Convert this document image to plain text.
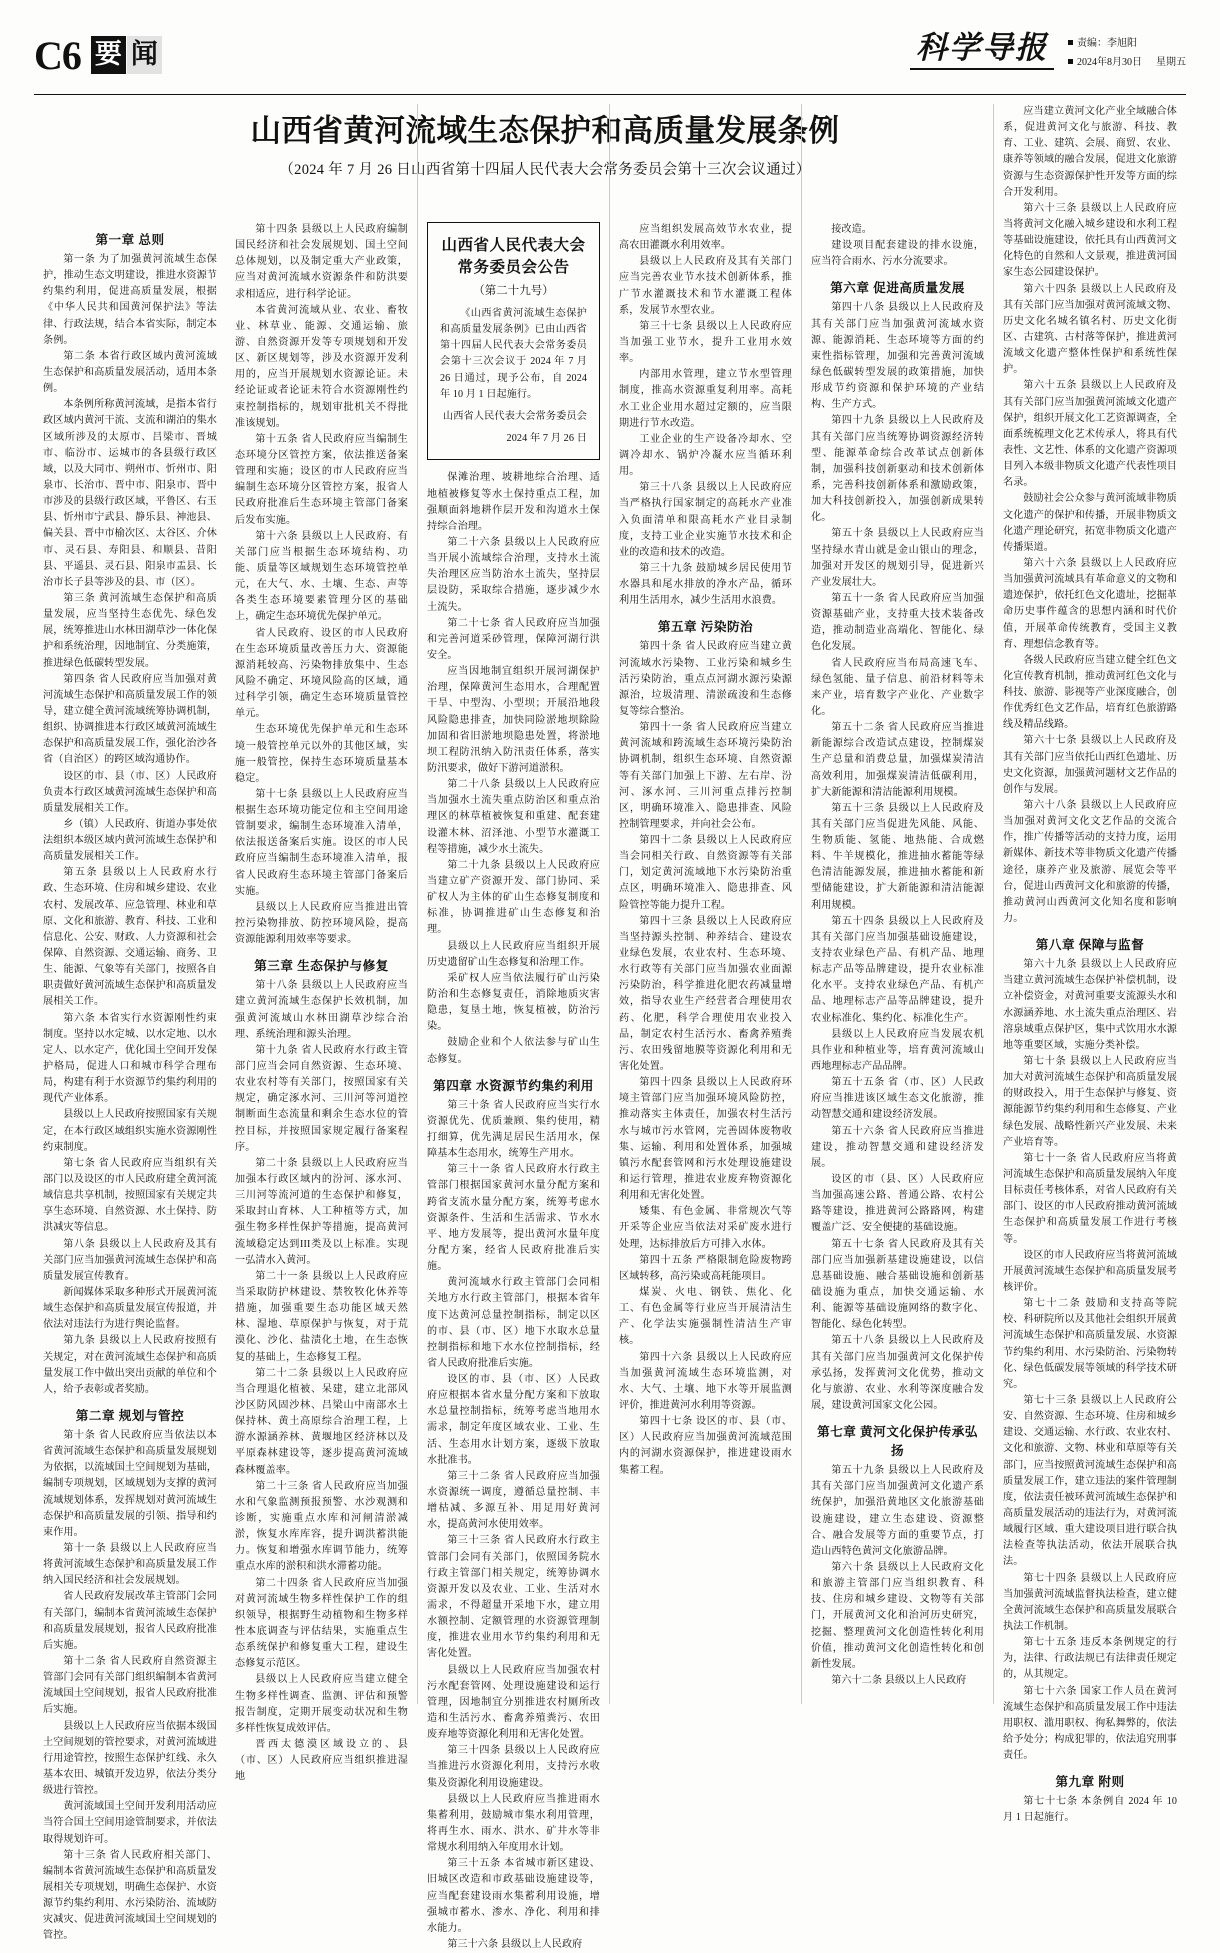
C6 要 闻	科学导报	责编：李旭阳
2024年8月30日 星期五
山西省黄河流域生态保护和高质量发展条例
（2024 年 7 月 26 日山西省第十四届人民代表大会常务委员会第十三次会议通过）
第一章 总则

第一条 为了加强黄河流域生态保护，推动生态文明建设，推进水资源节约集约利用，促进高质量发展，根据《中华人民共和国黄河保护法》等法律、行政法规，结合本省实际，制定本条例。

第二条 本省行政区域内黄河流域生态保护和高质量发展活动，适用本条例。

本条例所称黄河流域，是指本省行政区域内黄河干流、支流和湖泊的集水区域所涉及的太原市、吕梁市、晋城市、临汾市、运城市的各县级行政区域，以及大同市、朔州市、忻州市、阳泉市、长治市、晋中市、阳泉市、晋中市涉及的县级行政区域，平鲁区、右玉县、忻州市宁武县、静乐县、神池县、偏关县、晋中市榆次区、太谷区、介休市、灵石县、寿阳县、和顺县、昔阳县、平遥县、灵石县、阳泉市盂县、长治市长子县等涉及的县、市（区）。

第三条 黄河流域生态保护和高质量发展，应当坚持生态优先、绿色发展，统筹推进山水林田湖草沙一体化保护和系统治理，因地制宜、分类施策，推进绿色低碳转型发展。

第四条 省人民政府应当加强对黄河流域生态保护和高质量发展工作的领导，建立健全黄河流域统筹协调机制，组织、协调推进本行政区域黄河流域生态保护和高质量发展工作，强化治沙各省（自治区）的跨区域沟通协作。

设区的市、县（市、区）人民政府负责本行政区域黄河流域生态保护和高质量发展相关工作。

乡（镇）人民政府、街道办事处依法组织本级区域内黄河流域生态保护和高质量发展相关工作。

第五条 县级以上人民政府水行政、生态环境、住房和城乡建设、农业农村、发展改革、应急管理、林业和草原、文化和旅游、教育、科技、工业和信息化、公安、财政、人力资源和社会保障、自然资源、交通运输、商务、卫生、能源、气象等有关部门，按照各自职责做好黄河流域生态保护和高质量发展相关工作。

第六条 本省实行水资源刚性约束制度。坚持以水定城、以水定地、以水定人、以水定产，优化国土空间开发保护格局，促进人口和城市科学合理布局，构建有利于水资源节约集约利用的现代产业体系。

县级以上人民政府按照国家有关规定，在本行政区域组织实施水资源刚性约束制度。

第七条 省人民政府应当组织有关部门以及设区的市人民政府建全黄河流域信息共享机制，按照国家有关规定共享生态环境、自然资源、水土保持、防洪减灾等信息。

第八条 县级以上人民政府及其有关部门应当加强黄河流域生态保护和高质量发展宣传教育。

新闻媒体采取多种形式开展黄河流域生态保护和高质量发展宣传报道，并依法对违法行为进行舆论监督。

第九条 县级以上人民政府按照有关规定，对在黄河流域生态保护和高质量发展工作中做出突出贡献的单位和个人，给予表彰或者奖励。

第二章 规划与管控

第十条 省人民政府应当依法以本省黄河流域生态保护和高质量发展规划为依据，以流域国土空间规划为基础，编制专项规划，区域规划为支撑的黄河流域规划体系，发挥规划对黄河流域生态保护和高质量发展的引领、指导和约束作用。

第十一条 县级以上人民政府应当将黄河流域生态保护和高质量发展工作纳入国民经济和社会发展规划。

省人民政府发展改革主管部门会同有关部门，编制本省黄河流域生态保护和高质量发展规划，报省人民政府批准后实施。

第十二条 省人民政府自然资源主管部门会同有关部门组织编制本省黄河流域国土空间规划，报省人民政府批准后实施。

县级以上人民政府应当依据本级国土空间规划的管控要求，对黄河流域进行用途管控，按照生态保护红线、永久基本农田、城镇开发边界，依法分类分级进行管控。

黄河流域国土空间开发利用活动应当符合国土空间用途管制要求，并依法取得规划许可。

第十三条 省人民政府相关部门、编制本省黄河流域生态保护和高质量发展相关专项规划，明确生态保护、水资源节约集约利用、水污染防治、流域防灾减灾、促进黄河流域国土空间规划的管控。

第十四条 县级以上人民政府编制国民经济和社会发展规划、国土空间总体规划，以及制定重大产业政策，应当对黄河流域水资源条件和防洪要求相适应，进行科学论证。

本省黄河流域从业、农业、畜牧业、林草业、能源、交通运输、旅游、自然资源开发等专项规划和开发区、新区规划等，涉及水资源开发利用的，应当开展规划水资源论证。未经论证或者论证未符合水资源刚性约束控制指标的，规划审批机关不得批准该规划。

第十五条 省人民政府应当编制生态环境分区管控方案，依法推送备案管理和实施；设区的市人民政府应当编制生态环境分区管控方案，报省人民政府批准后生态环境主管部门备案后发布实施。

第十六条 县级以上人民政府、有关部门应当根据生态环境结构、功能、质量等区域规划生态环境管控单元，在大气、水、土壤、生态、声等各类生态环境要素管理分区的基础上，确定生态环境优先保护单元。

省人民政府、设区的市人民政府在生态环境质量改善压力大、资源能源消耗较高、污染物排放集中、生态风险不确定、环境风险高的区域，通过科学引领，确定生态环境质量管控单元。

生态环境优先保护单元和生态环境一般管控单元以外的其他区域，实施一般管控，保持生态环境质量基本稳定。

第十七条 县级以上人民政府应当根据生态环境功能定位和主空间用途管制要求，编制生态环境准入清单，依法报送备案后实施。设区的市人民政府应当编制生态环境准入清单，报省人民政府生态环境主管部门备案后实施。

县级以上人民政府应当推进出管控污染物排放、防控环境风险，提高资源能源利用效率等要求。

第三章 生态保护与修复

第十八条 县级以上人民政府应当建立黄河流域生态保护长效机制，加强黄河流域山水林田湖草沙综合治理、系统治理和源头治理。

第十九条 省人民政府水行政主管部门应当会同自然资源、生态环境、农业农村等有关部门，按照国家有关规定，确定涿水河、三川河等河道控制断面生态流量和剩余生态水位的管控目标，并按照国家规定履行备案程序。

第二十条 县级以上人民政府应当加强本行政区域内的汾河、涿水河、三川河等流河道的生态保护和修复，采取封山育林、人工种植等方式，加强生物多样性保护等措施，提高黄河流域稳定达到III类及以上标准。实现一弘清水入黄河。

第二十一条 县级以上人民政府应当采取防护林建设、禁牧牧化休养等措施，加强重要生态功能区域天然林、湿地、草原保护与恢复，对于荒漠化、沙化、盐渍化土地，在生态恢复的基础上，生态修复工程。

第二十二条 县级以上人民政府应当合理退化植被、呆建，建立北部风沙区防风固沙林、吕梁山中南部水土保持林、黄土高原综合治理工程，上游水源涵养林、黄堰地区经济林以及平原森林建设等，逐步提高黄河流域森林覆盖率。

第二十三条 省人民政府应当加强水和气象监测预报预警、水沙观测和诊断，实施重点水库和河闸清淤减淤，恢复水库库容，提升调洪蓄洪能力。恢复和增强水库调节能力，统筹重点水库的淤积和洪水滞蓄功能。

第二十四条 省人民政府应当加强对黄河流域生物多样性保护工作的组织领导，根据野生动植物和生物多样性本底调查与评估结果，实施重点生态系统保护和修复重大工程，建设生态修复示范区。

县级以上人民政府应当建立健全生物多样性调查、监测、评估和预警报告制度，定期开展变动状况和生物多样性恢复成效评估。

晋西太德漠区域设立的、县（市、区）人民政府应当组织推进湿地

山西省人民代表大会常务委员会公告
（第二十九号）

《山西省黄河流域生态保护和高质量发展条例》已由山西省第十四届人民代表大会常务委员会第十三次会议于 2024 年 7 月 26 日通过，现予公布，自 2024 年 10 月 1 日起施行。

山西省人民代表大会常务委员会

2024 年 7 月 26 日

保滩治理、坡耕地综合治理、适地植被修复等水土保持重点工程，加强顺面斜地耕作层开发和沟道水土保持综合治理。

第二十六条 县级以上人民政府应当开展小流域综合治理，支持水土流失治理区应当防治水土流失，坚持层层设防，采取综合措施，逐步减少水土流失。

第二十七条 省人民政府应当加强和完善河道采砂管理，保障河湖行洪安全。

应当因地制宜组织开展河湖保护治理，保障黄河生态用水，合理配置干旱、中型沟、小型坝；开展沿地段风险隐患排查，加快同险淤地坝除险加固和省旧淤地坝隐患处置，将淤地坝工程防汛纳入防汛责任体系，落实防汛要求，做好下游河道淤积。

第二十八条 县级以上人民政府应当加强水土流失重点防治区和重点治理区的林草植被恢复和重建、配套建设灌木林、沼泽池、小型节水灌溉工程等措施，减少水土流失。

第二十九条 县级以上人民政府应当建立矿产资源开发、部门协同、采矿权人为主体的矿山生态修复制度和标准，协调推进矿山生态修复和治理。

县级以上人民政府应当组织开展历史遗留矿山生态修复和治理工作。

采矿权人应当依法履行矿山污染防治和生态修复责任，消除地质灾害隐患，复垦土地，恢复植被，防治污染。

鼓励企业和个人依法参与矿山生态修复。

第四章 水资源节约集约利用

第三十条 省人民政府应当实行水资源优先、优质兼顾、集约使用，精打细算，优先满足居民生活用水，保障基本生态用水，统筹生产用水。

第三十一条 省人民政府水行政主管部门根据国家黄河水量分配方案和跨省支流水量分配方案，统筹考虑水资源条件、生活和生活需求、节水水平、地方发展等，提出黄河水量年度分配方案，经省人民政府批准后实施。

黄河流域水行政主管部门会同相关地方水行政主管部门，根据本省年度下达黄河总量控制指标，制定以区的市、县（市、区）地下水取水总量控制指标和地下水水位控制指标，经省人民政府批准后实施。

设区的市、县（市、区）人民政府应根据本省水量分配方案和下放取水总量控制指标，统筹考虑当地用水需求，制定年度区域农业、工业、生活、生态用水计划方案，逐级下放取水批准书。

第三十二条 省人民政府应当加强水资源统一调度，遵循总量控制、丰增枯减、多源互补、用足用好黄河水，提高黄河水使用效率。

第三十三条 省人民政府水行政主管部门会同有关部门，依照国务院水行政主管部门相关规定，统筹协调水资源开发以及农业、工业、生活对水需求，不得超量开采地下水，建立用水额控制、定额管理的水资源管理制度，推进农业用水节约集约利用和无害化处置。

县级以上人民政府应当加强农村污水配套管网、处理设施建设和运行管理，因地制宜分别推进农村厕所改造和生活污水、畜禽养殖粪污、农田废弃地等资源化利用和无害化处置。

第三十四条 县级以上人民政府应当推进污水资源化利用，支持污水收集及资源化利用设施建设。

县级以上人民政府应当推进雨水集蓄利用，鼓励城市集水利用管理，将再生水、雨水、洪水、矿井水等非常规水利用纳入年度用水计划。

第三十五条 本省城市新区建设、旧城区改造和市政基础设施建设等，应当配套建设雨水集蓄利用设施，增强城市蓄水、渗水、净化、利用和排水能力。

第三十六条 县级以上人民政府

应当组织发展高效节水农业，提高农田灌溉水利用效率。

县级以上人民政府及其有关部门应当完善农业节水技术创新体系，推广节水灌溉技术和节水灌溉工程体系，发展节水型农业。

第三十七条 县级以上人民政府应当加强工业节水，提升工业用水效率。

内部用水管理，建立节水型管理制度，推高水资源重复利用率。高耗水工业企业用水超过定额的，应当限期进行节水改造。

工业企业的生产设备冷却水、空调冷却水、锅炉冷凝水应当循环利用。

第三十八条 县级以上人民政府应当严格执行国家制定的高耗水产业准入负面清单和限高耗水产业目录制度，支持工业企业实施节水技术和企业的改造和技术的改造。

第三十九条 鼓励城乡居民使用节水器具和尾水排放的净水产品，循环利用生活用水，减少生活用水浪费。

第五章 污染防治

第四十条 省人民政府应当建立黄河流域水污染物、工业污染和城乡生活污染防治，重点点河湖水源污染源源治，垃圾清理、清淤疏浚和生态修复等综合整治。

第四十一条 省人民政府应当建立黄河流域和跨流域生态环境污染防治协调机制，组织生态环境、自然资源等有关部门加强上下游、左右岸、汾河、涿水河、三川河重点排污控制区，明确环境准入、隐患排查、风险控制管理要求，并向社会公布。

第四十二条 县级以上人民政府应当会同相关行政、自然资源等有关部门，划定黄河流域地下水污染防治重点区，明确环境准入、隐患排查、风险管控等能力提升工程。

第四十三条 县级以上人民政府应当坚持源头控制、种养结合、建设农业绿色发展，农业农村、生态环境、水行政等有关部门应当加强农业面源污染防治，科学推进化肥农药减量增效，指导农业生产经营者合理使用农药、化肥，科学合理使用农业投入品，制定农村生活污水、畜禽养殖粪污、农田残留地膜等资源化利用和无害化处置。

第四十四条 县级以上人民政府环境主管部门应当加强环境风险防控，推动落实主体责任，加强农村生活污水与城市污水管网，完善固体废物收集、运输、利用和处置体系，加强城镇污水配套管网和污水处理设施建设和运行管理，推进农业废弃物资源化利用和无害化处置。

矮集、有色金属、非常规次气等开采等企业应当依法对采矿废水进行处理，达标排放后方可排入水体。

第四十五条 严格限制危险废物跨区域转移，高污染或高耗能项目。

煤炭、火电、钢铁、焦化、化工、有色金属等行业应当开展清洁生产、化学法实施强制性清洁生产审核。

第四十六条 县级以上人民政府应当加强黄河流域生态环境监测，对水、大气、土壤、地下水等开展监测评价，推进黄河水利用等资源。

第四十七条 设区的市、县（市、区）人民政府应当加强黄河流域范围内的河湖水资源保护，推进建设雨水集蓄工程。

接改造。

建设项目配套建设的排水设施，应当符合雨水、污水分流要求。

第六章 促进高质量发展

第四十八条 县级以上人民政府及其有关部门应当加强黄河流域水资源、能源消耗、生态环境等方面的约束性指标管理，加强和完善黄河流域绿色低碳转型发展的政策措施，加快形成节约资源和保护环境的产业结构、生产方式。

第四十九条 县级以上人民政府及其有关部门应当统筹协调资源经济转型、能源革命综合改革试点创新体制，加强科技创新驱动和技术创新体系，完善科技创新体系和激励政策，加大科技创新投入，加强创新成果转化。

第五十条 县级以上人民政府应当坚持绿水青山就是金山银山的理念，加强对开发区的规划引导，促进新兴产业发展壮大。

第五十一条 省人民政府应当加强资源基础产业，支持重大技术装备改造，推动制造业高端化、智能化、绿色化发展。

省人民政府应当布局高速飞车、绿色氢能、量子信息、前沿材料等未来产业，培育数字产业化、产业数字化。

第五十二条 省人民政府应当推进新能源综合改造试点建设，控制煤炭生产总量和消费总量，加强煤炭清洁高效利用，加强煤炭清洁低碳利用，扩大新能源和清洁能源利用规模。

第五十三条 县级以上人民政府及其有关部门应当促进先风能、风能、生物质能、氢能、地热能、合成燃料、牛羊规模化，推进抽水蓄能等绿色清洁能源发展，推进抽水蓄能和新型储能建设，扩大新能源和清洁能源利用规模。

第五十四条 县级以上人民政府及其有关部门应当加强基础设施建设，支持农业绿色产品、有机产品、地理标志产品等品牌建设，提升农业标准化水平。支持农业绿色产品、有机产品、地理标志产品等品牌建设，提升农业标准化、集约化、标准化生产。

县级以上人民政府应当发展农机具作业和种植业等，培育黄河流域山西地理标志产品品牌。

第五十五条 省（市、区）人民政府应当推进该区域生态文化旅游，推动智慧交通和建设经济发展。

第五十六条 省人民政府应当推进建设，推动智慧交通和建设经济发展。

设区的市（县、区）人民政府应当加强高速公路、普通公路、农村公路等建设，推进黄河公路路网，构建覆盖广泛、安全便捷的基础设施。

第五十七条 省人民政府及其有关部门应当加强新基建设施建设，以信息基础设施、融合基础设施和创新基础设施为重点，加快交通运输、水利、能源等基础设施网络的数字化、智能化、绿色化转型。

第五十八条 县级以上人民政府及其有关部门应当加强黄河文化保护传承弘扬，发挥黄河文化优势，推动文化与旅游、农业、水利等深度融合发展，建设黄河国家文化公园。

第七章 黄河文化保护传承弘扬

第五十九条 县级以上人民政府及其有关部门应当加强黄河文化遗产系统保护，加强沿黄地区文化旅游基础设施建设，建立生态建设、资源整合、融合发展等方面的重要节点，打造山西特色黄河文化旅游品牌。

第六十条 县级以上人民政府文化和旅游主管部门应当组织教育、科技、住房和城乡建设、文物等有关部门，开展黄河文化和治河历史研究，挖掘、整理黄河文化创造性转化利用价值，推动黄河文化创造性转化和创新性发展。

第六十二条 县级以上人民政府

应当建立黄河文化产业全域融合体系，促进黄河文化与旅游、科技、教育、工业、建筑、会展、商贸、农业、康养等领域的融合发展，促进文化旅游资源与生态资源保护性开发等方面的综合开发利用。

第六十三条 县级以上人民政府应当将黄河文化融入城乡建设和水利工程等基础设施建设，依托具有山西黄河文化特色的自然和人文景观，推进黄河国家生态公园建设保护。

第六十四条 县级以上人民政府及其有关部门应当加强对黄河流域文物、历史文化名城名镇名村、历史文化街区、古建筑、古村落等保护，推进黄河流域文化遗产整体性保护和系统性保护。

第六十五条 县级以上人民政府及其有关部门应当加强黄河流域文化遗产保护，组织开展文化工艺资源调查，全面系统梳理文化艺术传承人，将具有代表性、文艺性、体系的文化遗产资源项目列入本级非物质文化遗产代表性项目名录。

鼓励社会公众参与黄河流域非物质文化遗产的保护和传播，开展非物质文化遗产理论研究，拓宽非物质文化遗产传播渠道。

第六十六条 县级以上人民政府应当加强黄河流域具有革命意义的文物和遗迹保护，依托红色文化遗址，挖掘革命历史事件蕴含的思想内涵和时代价值，开展革命传统教育，受国主义教育、理想信念教育等。

各级人民政府应当建立健全红色文化宣传教育机制，推动黄河红色文化与科技、旅游、影视等产业深度融合，创作优秀红色文艺作品，培育红色旅游路线及精品线路。

第六十七条 县级以上人民政府及其有关部门应当依托山西红色遗址、历史文化资源，加强黄河题材文艺作品的创作与发展。

第六十八条 县级以上人民政府应当加强对黄河文化文艺作品的交流合作，推广传播等活动的支持力度，运用新媒体、新技术等非物质文化遗产传播途径，康养产业及旅游、展览会等平台，促进山西黄河文化和旅游的传播，推动黄河山西黄河文化知名度和影响力。

第八章 保障与监督

第六十九条 县级以上人民政府应当建立黄河流域生态保护补偿机制，设立补偿资金，对黄河重要支流源头水和水源涵养地、水土流失重点治理区、岩溶泉域重点保护区，集中式饮用水水源地等重要区域，实施分类补偿。

第七十条 县级以上人民政府应当加大对黄河流域生态保护和高质量发展的财政投入，用于生态保护与修复、资源能源节约集约利用和生态修复、产业绿色发展、战略性新兴产业发展、未来产业培育等。

第七十一条 省人民政府应当将黄河流域生态保护和高质量发展纳入年度目标责任考核体系，对省人民政府有关部门、设区的市人民政府推动黄河流域生态保护和高质量发展工作进行考核等。

设区的市人民政府应当将黄河流域开展黄河流域生态保护和高质量发展考核评价。

第七十二条 鼓励和支持高等院校、科研院所以及其他社会组织开展黄河流域生态保护和高质量发展、水资源节约集约利用、水污染防治、污染物转化、绿色低碳发展等领域的科学技术研究。

第七十三条 县级以上人民政府公安、自然资源、生态环境、住房和城乡建设、交通运输、水行政、农业农村、文化和旅游、文物、林业和草原等有关部门，应当按照黄河流域生态保护和高质量发展工作，建立违法的案件管理制度，依法责任被环黄河流域生态保护和高质量发展活动的违法行为，对黄河流域履行区域、重大建设项目进行联合执法检查等执法活动，依法开展联合执法。

第七十四条 县级以上人民政府应当加强黄河流域监督执法检查，建立健全黄河流域生态保护和高质量发展联合执法工作机制。

第七十五条 违反本条例规定的行为，法律、行政法规已有法律责任规定的，从其规定。

第七十六条 国家工作人员在黄河流域生态保护和高质量发展工作中违法用职权、滥用职权、徇私舞弊的，依法给予处分；构成犯罪的，依法追究刑事责任。

第九章 附则

第七十七条 本条例自 2024 年 10 月 1 日起施行。
